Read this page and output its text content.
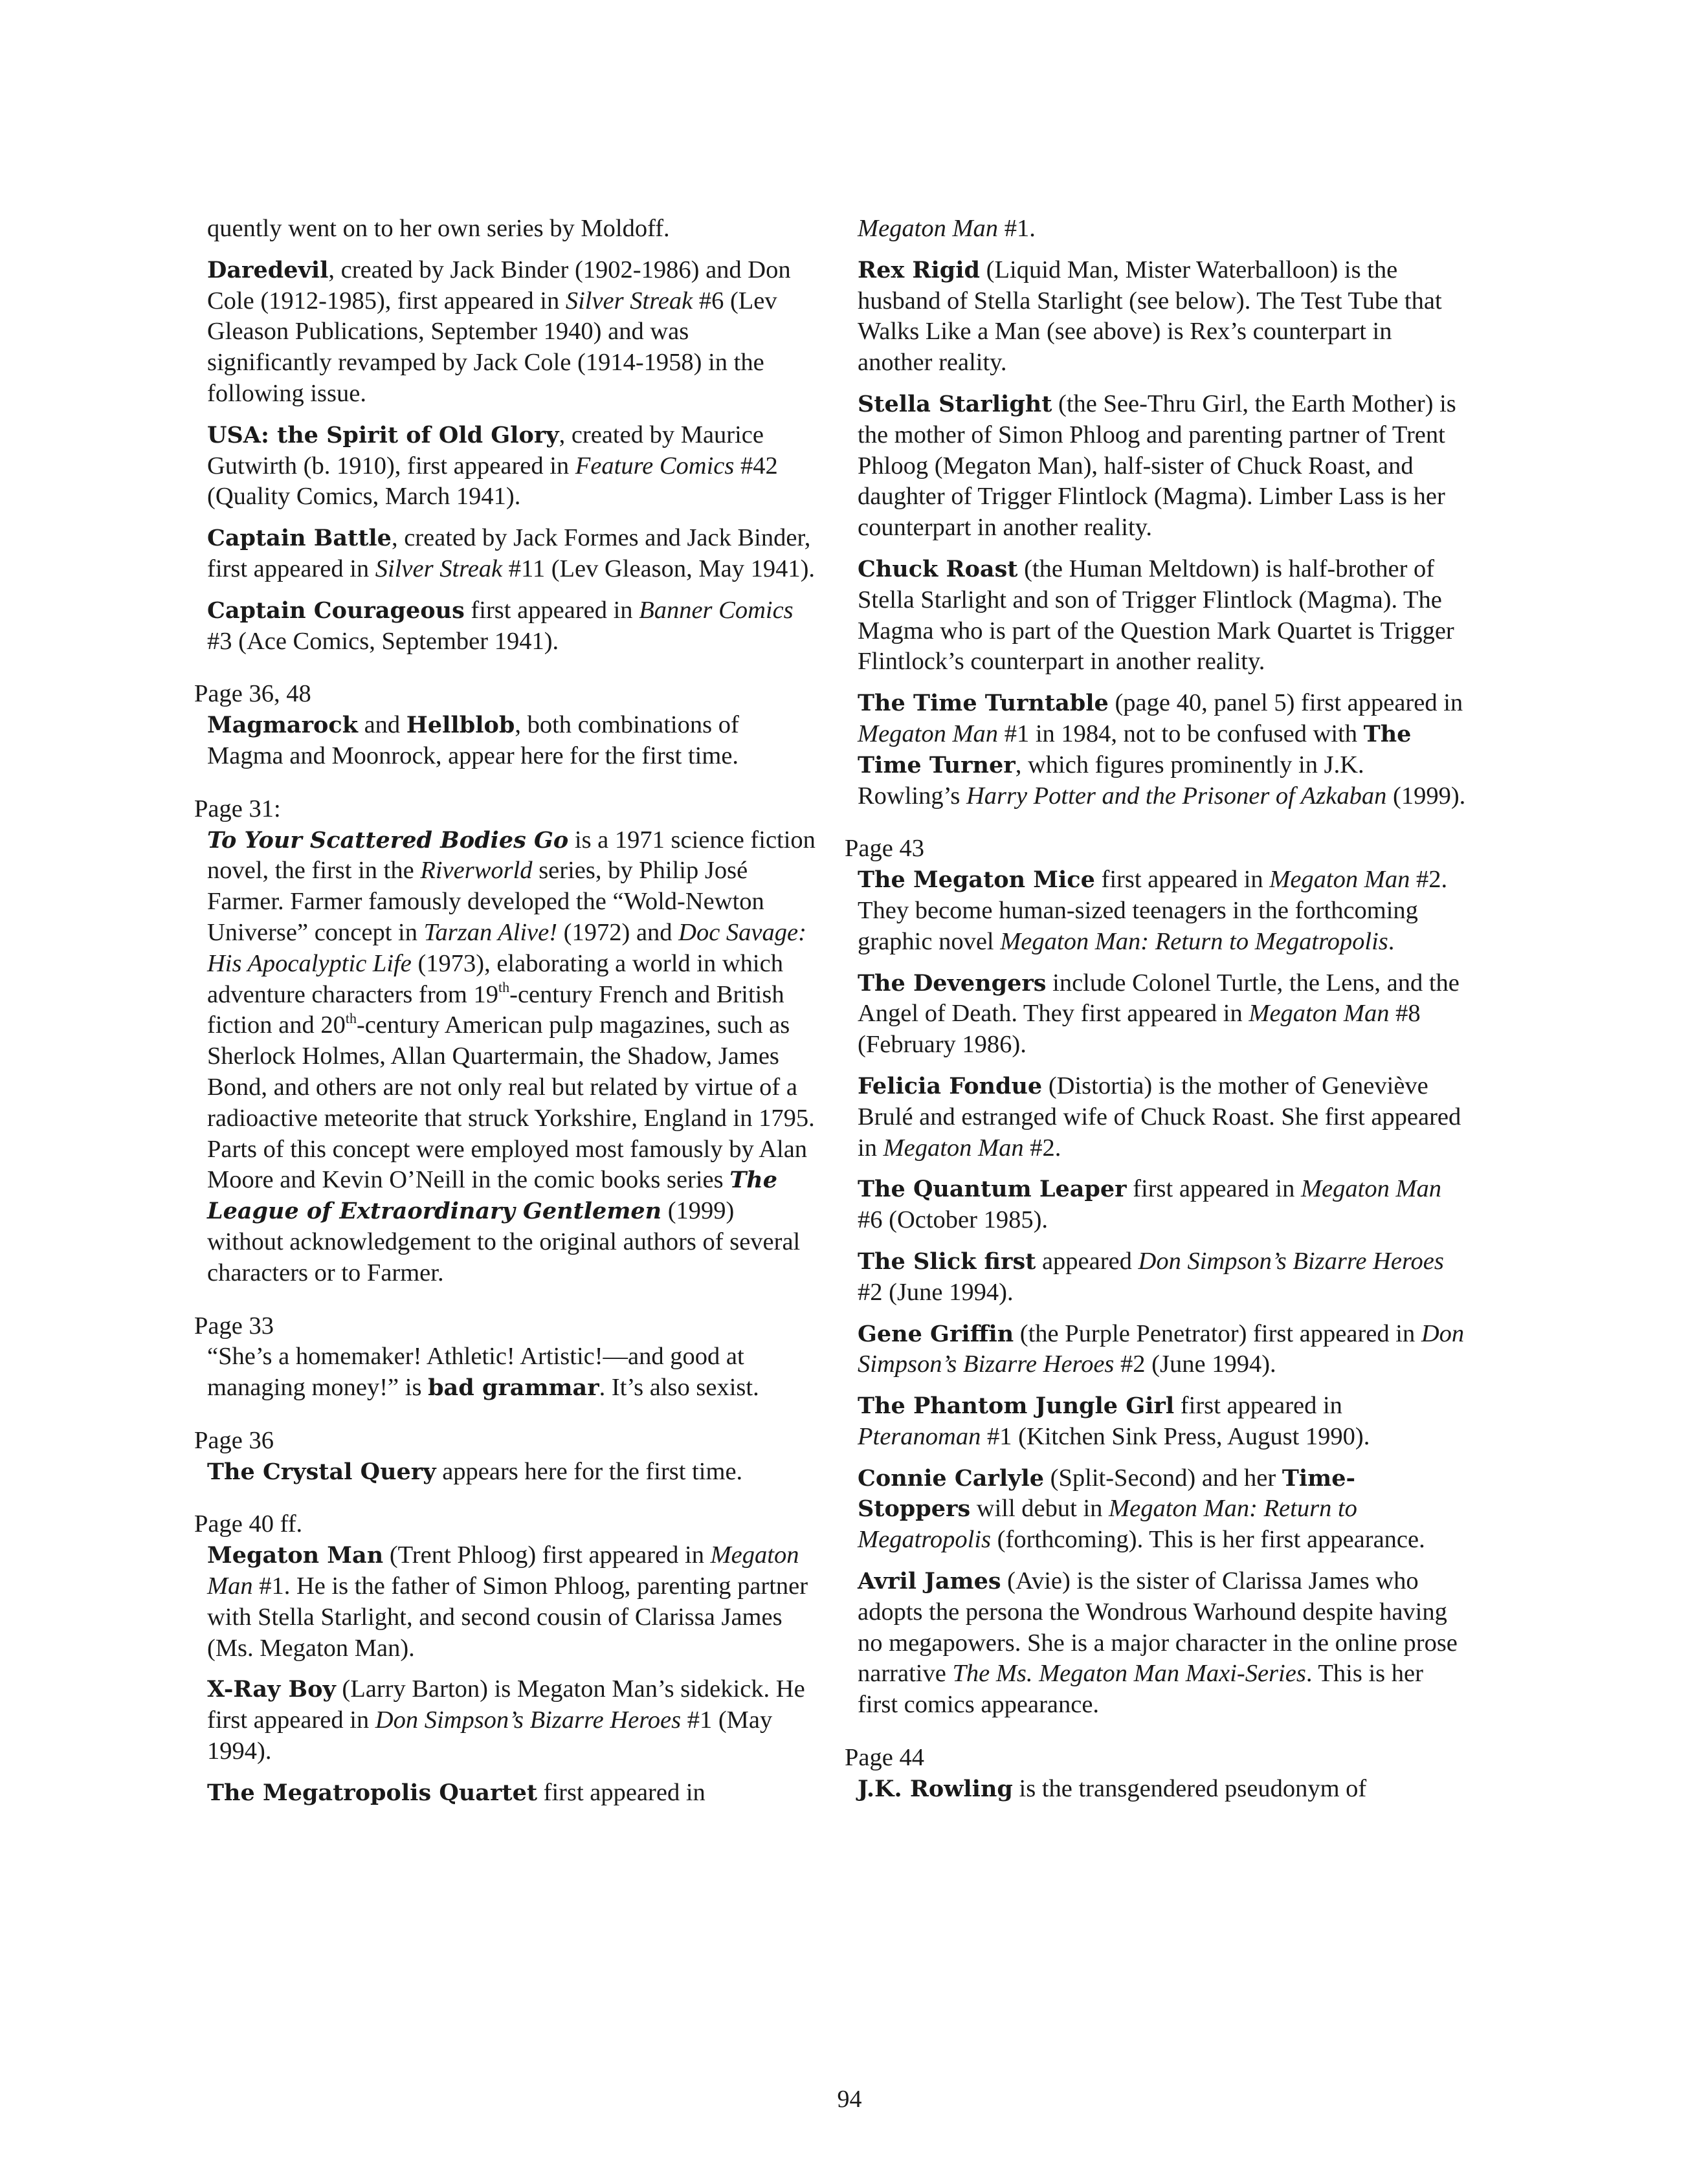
quently went on to her own series by Moldoff.

Daredevil, created by Jack Binder (1902-1986) and Don Cole (1912-1985), first appeared in Silver Streak #6 (Lev Gleason Publications, September 1940) and was significantly revamped by Jack Cole (1914-1958) in the following issue.

USA: the Spirit of Old Glory, created by Maurice Gutwirth (b. 1910), first appeared in Feature Comics #42 (Quality Comics, March 1941).

Captain Battle, created by Jack Formes and Jack Binder, first appeared in Silver Streak #11 (Lev Gleason, May 1941).

Captain Courageous first appeared in Banner Comics #3 (Ace Comics, September 1941).

Page 36, 48

Magmarock and Hellblob, both combinations of Magma and Moonrock, appear here for the first time.

Page 31:

To Your Scattered Bodies Go is a 1971 science fiction novel, the first in the Riverworld series, by Philip José Farmer. Farmer famously developed the “Wold-Newton Universe” concept in Tarzan Alive! (1972) and Doc Savage: His Apocalyptic Life (1973), elaborating a world in which adventure characters from 19th-century French and British fiction and 20th-century American pulp magazines, such as Sherlock Holmes, Allan Quartermain, the Shadow, James Bond, and others are not only real but related by virtue of a radioactive meteorite that struck Yorkshire, England in 1795. Parts of this concept were employed most famously by Alan Moore and Kevin O’Neill in the comic books series The League of Extraordinary Gentlemen (1999) without acknowledgement to the original authors of several characters or to Farmer.

Page 33

“She’s a homemaker! Athletic! Artistic!—and good at managing money!” is bad grammar. It’s also sexist.

Page 36

The Crystal Query appears here for the first time.

Page 40 ff.

Megaton Man (Trent Phloog) first appeared in Megaton Man #1. He is the father of Simon Phloog, parenting partner with Stella Starlight, and second cousin of Clarissa James (Ms. Megaton Man).

X-Ray Boy (Larry Barton) is Megaton Man’s sidekick. He first appeared in Don Simpson’s Bizarre Heroes #1 (May 1994).

The Megatropolis Quartet first appeared in

Megaton Man #1.

Rex Rigid (Liquid Man, Mister Waterballoon) is the husband of Stella Starlight (see below). The Test Tube that Walks Like a Man (see above) is Rex’s counterpart in another reality.

Stella Starlight (the See-Thru Girl, the Earth Mother) is the mother of Simon Phloog and parenting partner of Trent Phloog (Megaton Man), half-sister of Chuck Roast, and daughter of Trigger Flintlock (Magma). Limber Lass is her counterpart in another reality.

Chuck Roast (the Human Meltdown) is half-brother of Stella Starlight and son of Trigger Flintlock (Magma). The Magma who is part of the Question Mark Quartet is Trigger Flintlock’s counterpart in another reality.

The Time Turntable (page 40, panel 5) first appeared in Megaton Man #1 in 1984, not to be confused with The Time Turner, which figures prominently in J.K. Rowling’s Harry Potter and the Prisoner of Azkaban (1999).

Page 43

The Megaton Mice first appeared in Megaton Man #2. They become human-sized teenagers in the forthcoming graphic novel Megaton Man: Return to Megatropolis.

The Devengers include Colonel Turtle, the Lens, and the Angel of Death. They first appeared in Megaton Man #8 (February 1986).

Felicia Fondue (Distortia) is the mother of Geneviève Brulé and estranged wife of Chuck Roast. She first appeared in Megaton Man #2.

The Quantum Leaper first appeared in Megaton Man #6 (October 1985).

The Slick first appeared Don Simpson’s Bizarre Heroes #2 (June 1994).

Gene Griffin (the Purple Penetrator) first appeared in Don Simpson’s Bizarre Heroes #2 (June 1994).

The Phantom Jungle Girl first appeared in Pteranoman #1 (Kitchen Sink Press, August 1990).

Connie Carlyle (Split-Second) and her Time-Stoppers will debut in Megaton Man: Return to Megatropolis (forthcoming). This is her first appearance.

Avril James (Avie) is the sister of Clarissa James who adopts the persona the Wondrous Warhound despite having no megapowers. She is a major character in the online prose narrative The Ms. Megaton Man Maxi-Series. This is her first comics appearance.

Page 44

J.K. Rowling is the transgendered pseudonym of

94
